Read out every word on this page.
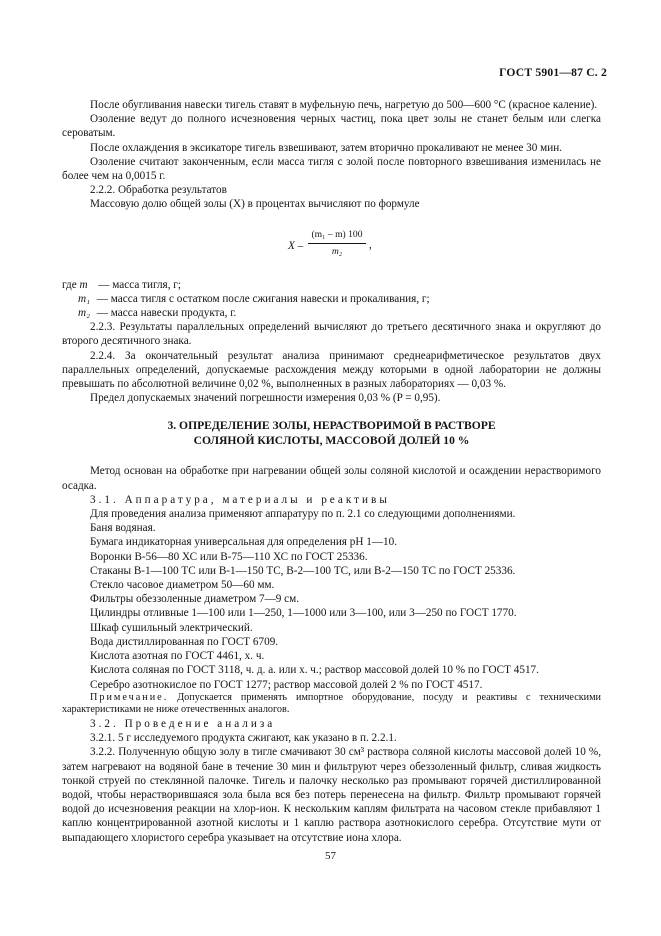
ГОСТ 5901—87 С. 2

После обугливания навески тигель ставят в муфельную печь, нагретую до 500—600 °С (красное каление).

Озоление ведут до полного исчезновения черных частиц, пока цвет золы не станет белым или слегка сероватым.

После охлаждения в эксикаторе тигель взвешивают, затем вторично прокаливают не менее 30 мин.

Озоление считают законченным, если масса тигля с золой после повторного взвешивания изменилась не более чем на 0,0015 г.

2.2.2. Обработка результатов

Массовую долю общей золы (X) в процентах вычисляют по формуле

X – $\frac{\text{(m₁ – m) 100}}{\text{m₂}}$ ,

где m — масса тигля, г;

m₁ — масса тигля с остатком после сжигания навески и прокаливания, г;

m₂ — масса навески продукта, г.

2.2.3. Результаты параллельных определений вычисляют до третьего десятичного знака и округляют до второго десятичного знака.

2.2.4. За окончательный результат анализа принимают среднеарифметическое результатов двух параллельных определений, допускаемые расхождения между которыми в одной лаборатории не должны превышать по абсолютной величине 0,02 %, выполненных в разных лабораториях — 0,03 %.

Предел допускаемых значений погрешности измерения 0,03 % (P = 0,95).

3. ОПРЕДЕЛЕНИЕ ЗОЛЫ, НЕРАСТВОРИМОЙ В РАСТВОРЕ
СОЛЯНОЙ КИСЛОТЫ, МАССОВОЙ ДОЛЕЙ 10 %

Метод основан на обработке при нагревании общей золы соляной кислотой и осаждении нерастворимого осадка.

3.1. Аппаратура, материалы и реактивы

Для проведения анализа применяют аппаратуру по п. 2.1 со следующими дополнениями.

Баня водяная.

Бумага индикаторная универсальная для определения pH 1—10.

Воронки В-56—80 ХС или В-75—110 ХС по ГОСТ 25336.

Стаканы В-1—100 ТС или В-1—150 ТС, В-2—100 ТС, или В-2—150 ТС по ГОСТ 25336.

Стекло часовое диаметром 50—60 мм.

Фильтры обеззоленные диаметром 7—9 см.

Цилиндры отливные 1—100 или 1—250, 1—1000 или 3—100, или 3—250 по ГОСТ 1770.

Шкаф сушильный электрический.

Вода дистиллированная по ГОСТ 6709.

Кислота азотная по ГОСТ 4461, х. ч.

Кислота соляная по ГОСТ 3118, ч. д. а. или х. ч.; раствор массовой долей 10 % по ГОСТ 4517.

Серебро азотнокислое по ГОСТ 1277; раствор массовой долей 2 % по ГОСТ 4517.

Примечание. Допускается применять импортное оборудование, посуду и реактивы с техническими характеристиками не ниже отечественных аналогов.

3.2. Проведение анализа

3.2.1. 5 г исследуемого продукта сжигают, как указано в п. 2.2.1.

3.2.2. Полученную общую золу в тигле смачивают 30 см³ раствора соляной кислоты массовой долей 10 %, затем нагревают на водяной бане в течение 30 мин и фильтруют через обеззоленный фильтр, сливая жидкость тонкой струей по стеклянной палочке. Тигель и палочку несколько раз промывают горячей дистиллированной водой, чтобы нерастворившаяся зола была вся без потерь перенесена на фильтр. Фильтр промывают горячей водой до исчезновения реакции на хлор-ион. К нескольким каплям фильтрата на часовом стекле прибавляют 1 каплю концентрированной азотной кислоты и 1 каплю раствора азотнокислого серебра. Отсутствие мути от выпадающего хлористого серебра указывает на отсутствие иона хлора.

57
